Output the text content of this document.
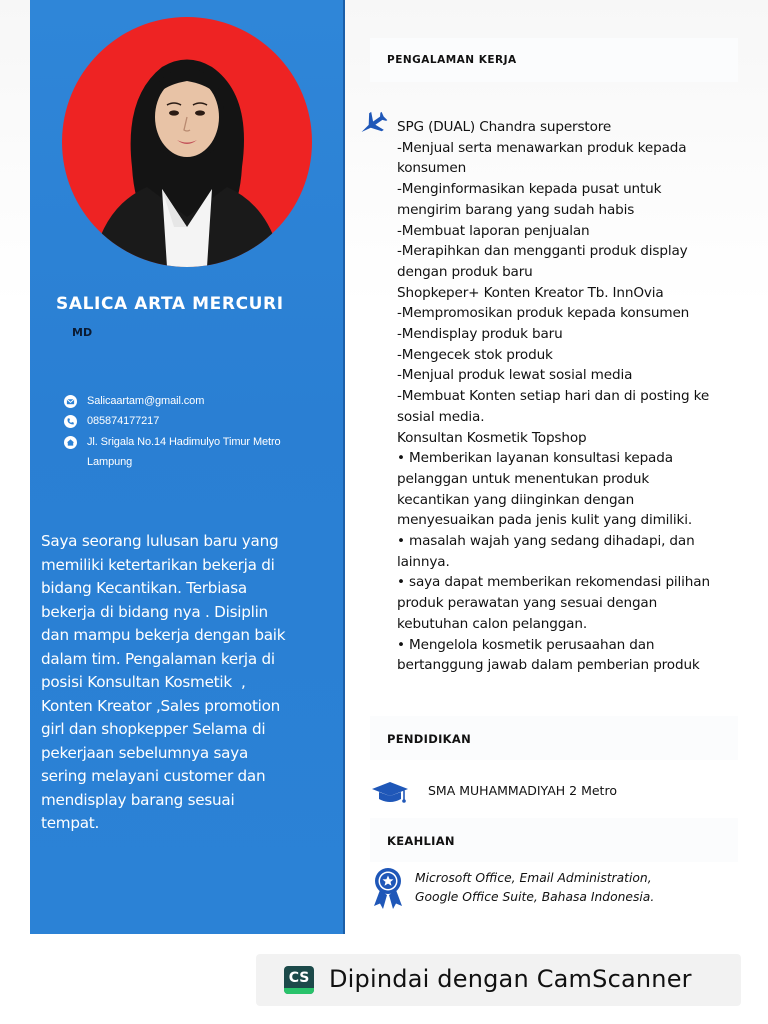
SALICA ARTA MERCURI
MD
Salicaartam@gmail.com
085874177217
Jl. Srigala No.14 Hadimulyo Timur Metro
Lampung
Saya seorang lulusan baru yang
memiliki ketertarikan bekerja di
bidang Kecantikan. Terbiasa
bekerja di bidang nya . Disiplin
dan mampu bekerja dengan baik
dalam tim. Pengalaman kerja di
posisi Konsultan Kosmetik  ,
Konten Kreator ,Sales promotion
girl dan shopkepper Selama di
pekerjaan sebelumnya saya
sering melayani customer dan
mendisplay barang sesuai
tempat.
PENGALAMAN KERJA
SPG (DUAL) Chandra superstore
-Menjual serta menawarkan produk kepada
konsumen
-Menginformasikan kepada pusat untuk
mengirim barang yang sudah habis
-Membuat laporan penjualan
-Merapihkan dan mengganti produk display
dengan produk baru
Shopkeper+ Konten Kreator Tb. InnOvia
-Mempromosikan produk kepada konsumen
-Mendisplay produk baru
-Mengecek stok produk
-Menjual produk lewat sosial media
-Membuat Konten setiap hari dan di posting ke
sosial media.
Konsultan Kosmetik Topshop
• Memberikan layanan konsultasi kepada
pelanggan untuk menentukan produk
kecantikan yang diinginkan dengan
menyesuaikan pada jenis kulit yang dimiliki.
• masalah wajah yang sedang dihadapi, dan
lainnya.
• saya dapat memberikan rekomendasi pilihan
produk perawatan yang sesuai dengan
kebutuhan calon pelanggan.
• Mengelola kosmetik perusaahan dan
bertanggung jawab dalam pemberian produk
PENDIDIKAN
SMA MUHAMMADIYAH 2 Metro
KEAHLIAN
Microsoft Office, Email Administration,
Google Office Suite, Bahasa Indonesia.
CS Dipindai dengan CamScanner
